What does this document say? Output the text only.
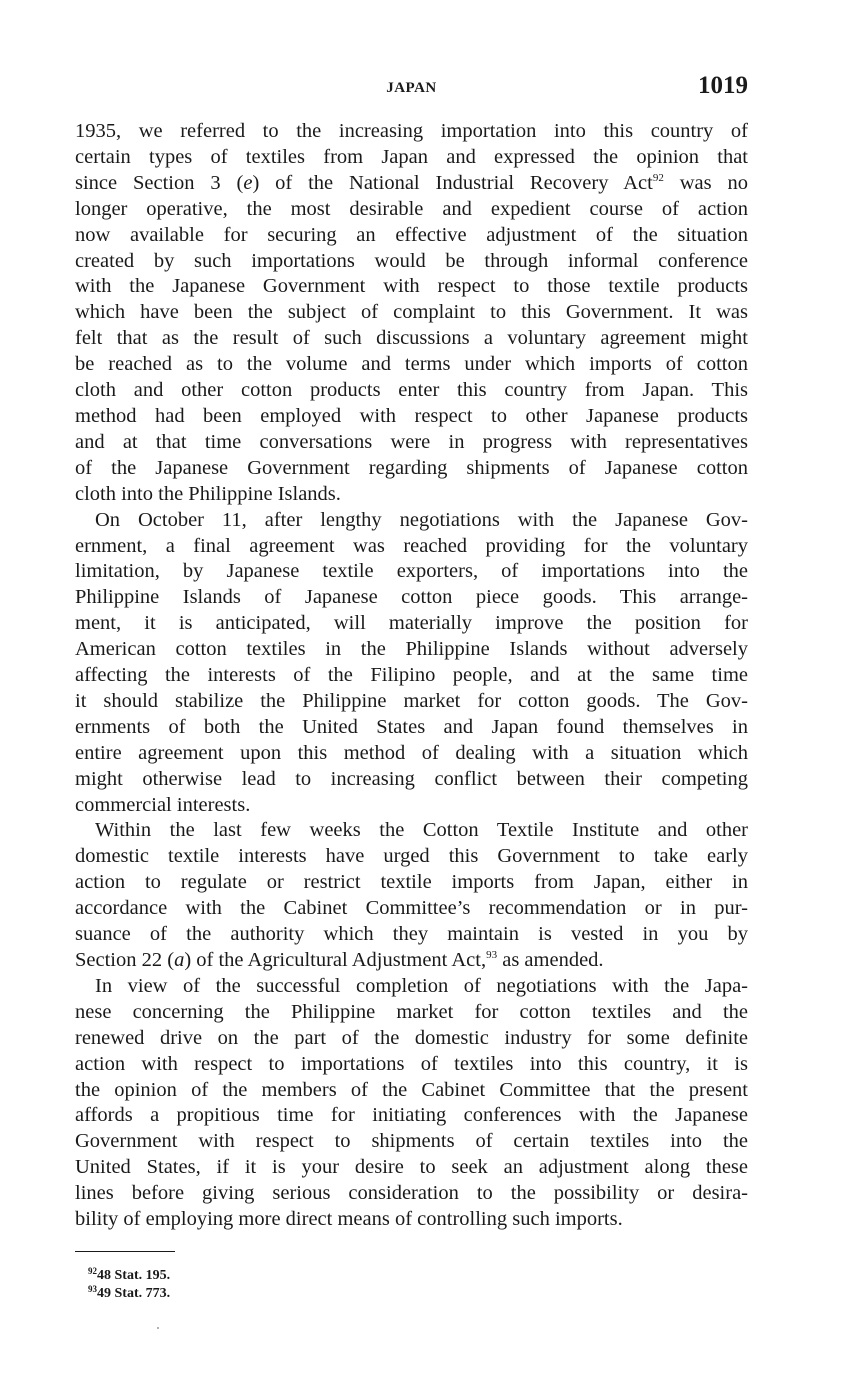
JAPAN	1019
1935, we referred to the increasing importation into this country of
certain types of textiles from Japan and expressed the opinion that
since Section 3 (e) of the National Industrial Recovery Act$^{92}$ was no
longer operative, the most desirable and expedient course of action
now available for securing an effective adjustment of the situation
created by such importations would be through informal conference
with the Japanese Government with respect to those textile products
which have been the subject of complaint to this Government. It was
felt that as the result of such discussions a voluntary agreement might
be reached as to the volume and terms under which imports of cotton
cloth and other cotton products enter this country from Japan. This
method had been employed with respect to other Japanese products
and at that time conversations were in progress with representatives
of the Japanese Government regarding shipments of Japanese cotton
cloth into the Philippine Islands.
On October 11, after lengthy negotiations with the Japanese Gov-
ernment, a final agreement was reached providing for the voluntary
limitation, by Japanese textile exporters, of importations into the
Philippine Islands of Japanese cotton piece goods. This arrange-
ment, it is anticipated, will materially improve the position for
American cotton textiles in the Philippine Islands without adversely
affecting the interests of the Filipino people, and at the same time
it should stabilize the Philippine market for cotton goods. The Gov-
ernments of both the United States and Japan found themselves in
entire agreement upon this method of dealing with a situation which
might otherwise lead to increasing conflict between their competing
commercial interests.
Within the last few weeks the Cotton Textile Institute and other
domestic textile interests have urged this Government to take early
action to regulate or restrict textile imports from Japan, either in
accordance with the Cabinet Committee’s recommendation or in pur-
suance of the authority which they maintain is vested in you by
Section 22 (a) of the Agricultural Adjustment Act,$^{93}$ as amended.
In view of the successful completion of negotiations with the Japa-
nese concerning the Philippine market for cotton textiles and the
renewed drive on the part of the domestic industry for some definite
action with respect to importations of textiles into this country, it is
the opinion of the members of the Cabinet Committee that the present
affords a propitious time for initiating conferences with the Japanese
Government with respect to shipments of certain textiles into the
United States, if it is your desire to seek an adjustment along these
lines before giving serious consideration to the possibility or desira-
bility of employing more direct means of controlling such imports.
$^{92}$48 Stat. 195.
$^{93}$49 Stat. 773.
